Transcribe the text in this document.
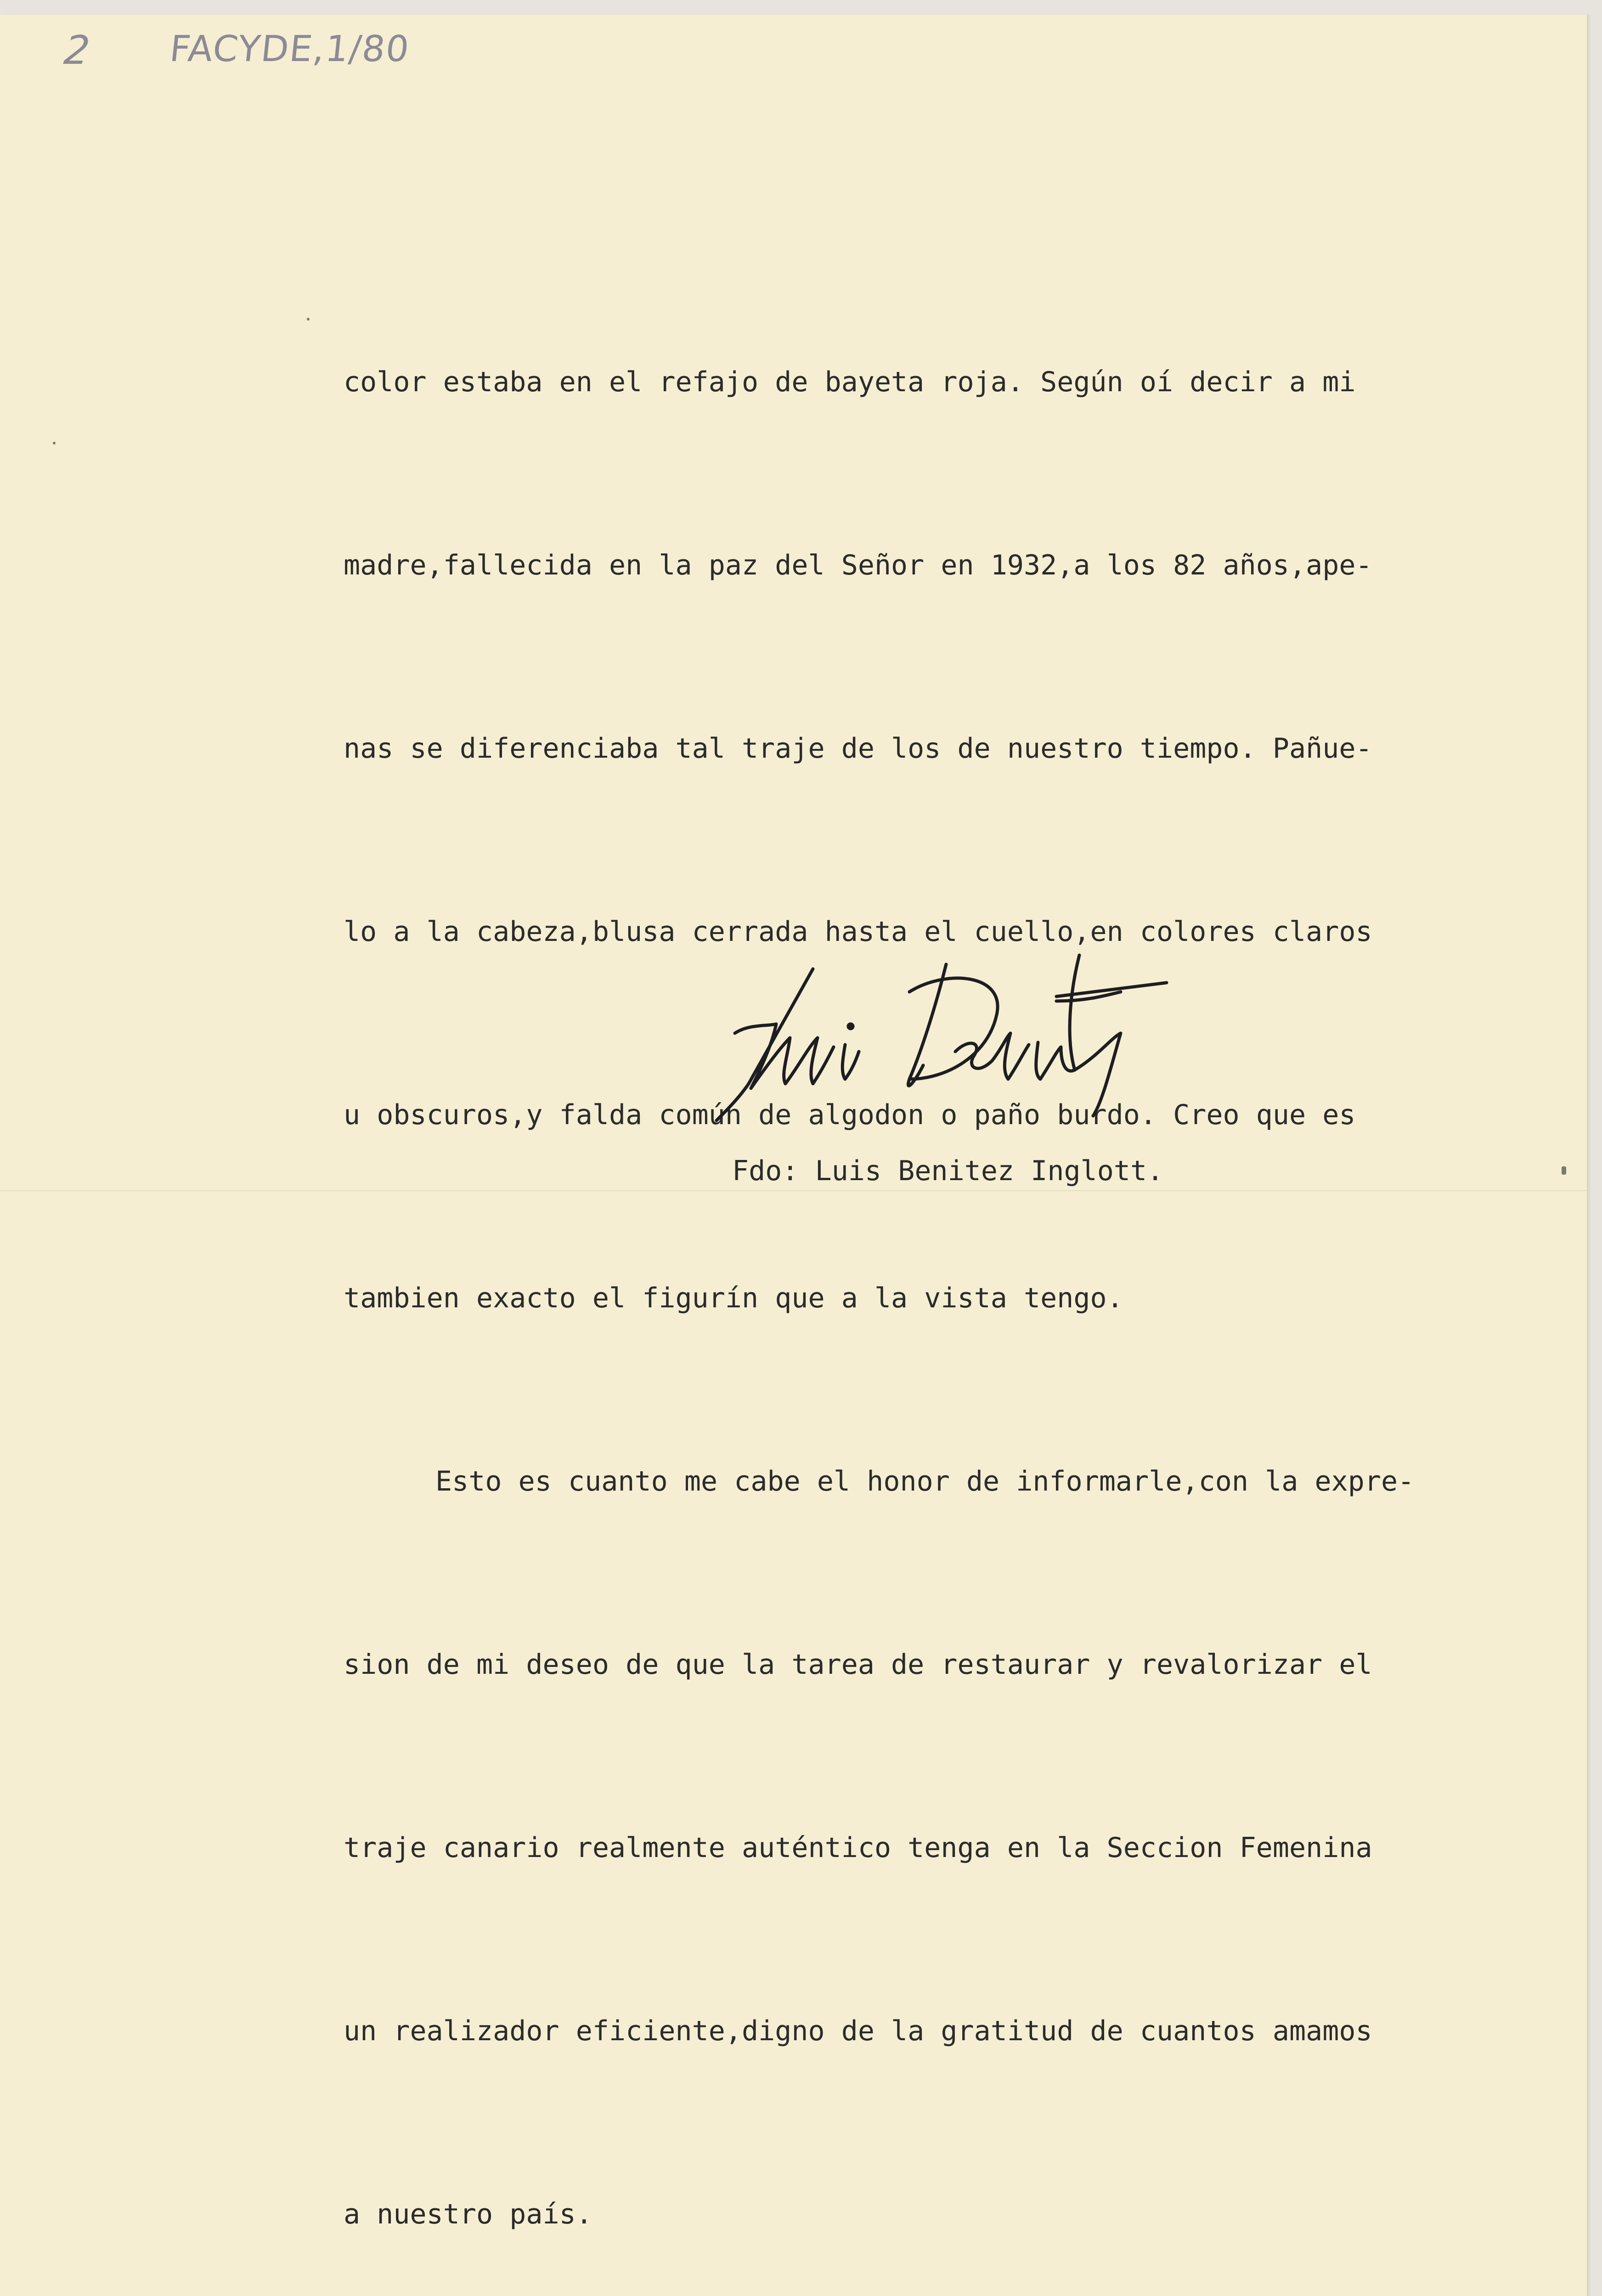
2 FACYDE,1/80

color estaba en el refajo de bayeta roja. Según oí decir a mi

madre,fallecida en la paz del Señor en 1932,a los 82 años,ape-

nas se diferenciaba tal traje de los de nuestro tiempo. Pañue-

lo a la cabeza,blusa cerrada hasta el cuello,en colores claros

u obscuros,y falda común de algodon o paño burdo. Creo que es

tambien exacto el figurín que a la vista tengo.

Esto es cuanto me cabe el honor de informarle,con la expre-

sion de mi deseo de que la tarea de restaurar y revalorizar el

traje canario realmente auténtico tenga en la Seccion Femenina

un realizador eficiente,digno de la gratitud de cuantos amamos

a nuestro país.

Fdo: Luis Benitez Inglott.
